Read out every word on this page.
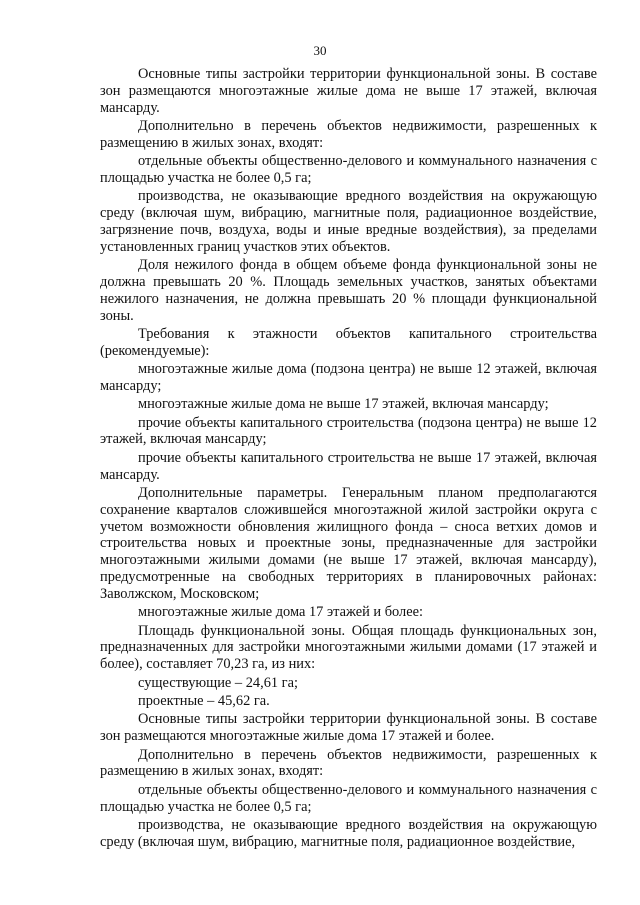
30

Основные типы застройки территории функциональной зоны. В составе зон размещаются многоэтажные жилые дома не выше 17 этажей, включая мансарду.

Дополнительно в перечень объектов недвижимости, разрешенных к размещению в жилых зонах, входят:

отдельные объекты общественно-делового и коммунального назначения с площадью участка не более 0,5 га;

производства, не оказывающие вредного воздействия на окружающую среду (включая шум, вибрацию, магнитные поля, радиационное воздействие, загрязнение почв, воздуха, воды и иные вредные воздействия), за пределами установленных границ участков этих объектов.

Доля нежилого фонда в общем объеме фонда функциональной зоны не должна превышать 20 %. Площадь земельных участков, занятых объектами нежилого назначения, не должна превышать 20 % площади функциональной зоны.

Требования к этажности объектов капитального строительства (рекомендуемые):

многоэтажные жилые дома (подзона центра) не выше 12 этажей, включая мансарду;

многоэтажные жилые дома не выше 17 этажей, включая мансарду;

прочие объекты капитального строительства (подзона центра) не выше 12 этажей, включая мансарду;

прочие объекты капитального строительства не выше 17 этажей, включая мансарду.

Дополнительные параметры. Генеральным планом предполагаются сохранение кварталов сложившейся многоэтажной жилой застройки округа с учетом возможности обновления жилищного фонда – сноса ветхих домов и строительства новых и проектные зоны, предназначенные для застройки многоэтажными жилыми домами (не выше 17 этажей, включая мансарду), предусмотренные на свободных территориях в планировочных районах: Заволжском, Московском;

многоэтажные жилые дома 17 этажей и более:

Площадь функциональной зоны. Общая площадь функциональных зон, предназначенных для застройки многоэтажными жилыми домами (17 этажей и более), составляет 70,23 га, из них:

существующие – 24,61 га;

проектные – 45,62 га.

Основные типы застройки территории функциональной зоны. В составе зон размещаются многоэтажные жилые дома 17 этажей и более.

Дополнительно в перечень объектов недвижимости, разрешенных к размещению в жилых зонах, входят:

отдельные объекты общественно-делового и коммунального назначения с площадью участка не более 0,5 га;

производства, не оказывающие вредного воздействия на окружающую среду (включая шум, вибрацию, магнитные поля, радиационное воздействие,
